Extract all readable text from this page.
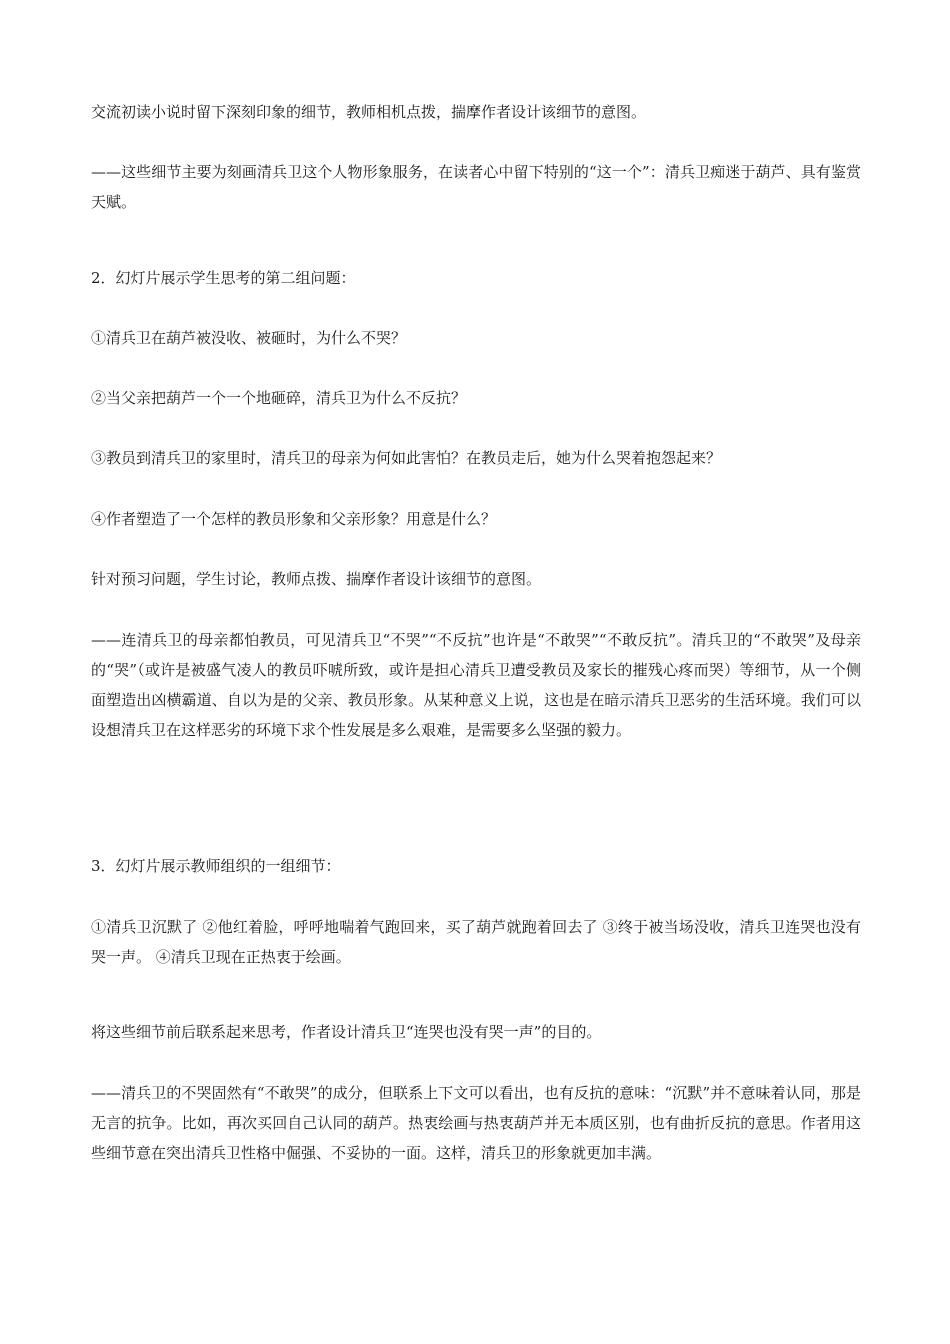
交流初读小说时留下深刻印象的细节，教师相机点拨，揣摩作者设计该细节的意图。

——这些细节主要为刻画清兵卫这个人物形象服务，在读者心中留下特别的“这一个”：清兵卫痴迷于葫芦、具有鉴赏天赋。

2．幻灯片展示学生思考的第二组问题：

①清兵卫在葫芦被没收、被砸时，为什么不哭？

②当父亲把葫芦一个一个地砸碎，清兵卫为什么不反抗？

③教员到清兵卫的家里时，清兵卫的母亲为何如此害怕？在教员走后，她为什么哭着抱怨起来？

④作者塑造了一个怎样的教员形象和父亲形象？用意是什么？

针对预习问题，学生讨论，教师点拨、揣摩作者设计该细节的意图。

——连清兵卫的母亲都怕教员，可见清兵卫“不哭”“不反抗”也许是“不敢哭”“不敢反抗”。清兵卫的“不敢哭”及母亲的“哭”（或许是被盛气凌人的教员吓唬所致，或许是担心清兵卫遭受教员及家长的摧残心疼而哭）等细节，从一个侧面塑造出凶横霸道、自以为是的父亲、教员形象。从某种意义上说，这也是在暗示清兵卫恶劣的生活环境。我们可以设想清兵卫在这样恶劣的环境下求个性发展是多么艰难，是需要多么坚强的毅力。

3．幻灯片展示教师组织的一组细节：

①清兵卫沉默了 ②他红着脸，呼呼地喘着气跑回来，买了葫芦就跑着回去了 ③终于被当场没收，清兵卫连哭也没有哭一声。 ④清兵卫现在正热衷于绘画。

将这些细节前后联系起来思考，作者设计清兵卫“连哭也没有哭一声”的目的。

——清兵卫的不哭固然有“不敢哭”的成分，但联系上下文可以看出，也有反抗的意味：“沉默”并不意味着认同，那是无言的抗争。比如，再次买回自己认同的葫芦。热衷绘画与热衷葫芦并无本质区别，也有曲折反抗的意思。作者用这些细节意在突出清兵卫性格中倔强、不妥协的一面。这样，清兵卫的形象就更加丰满。
